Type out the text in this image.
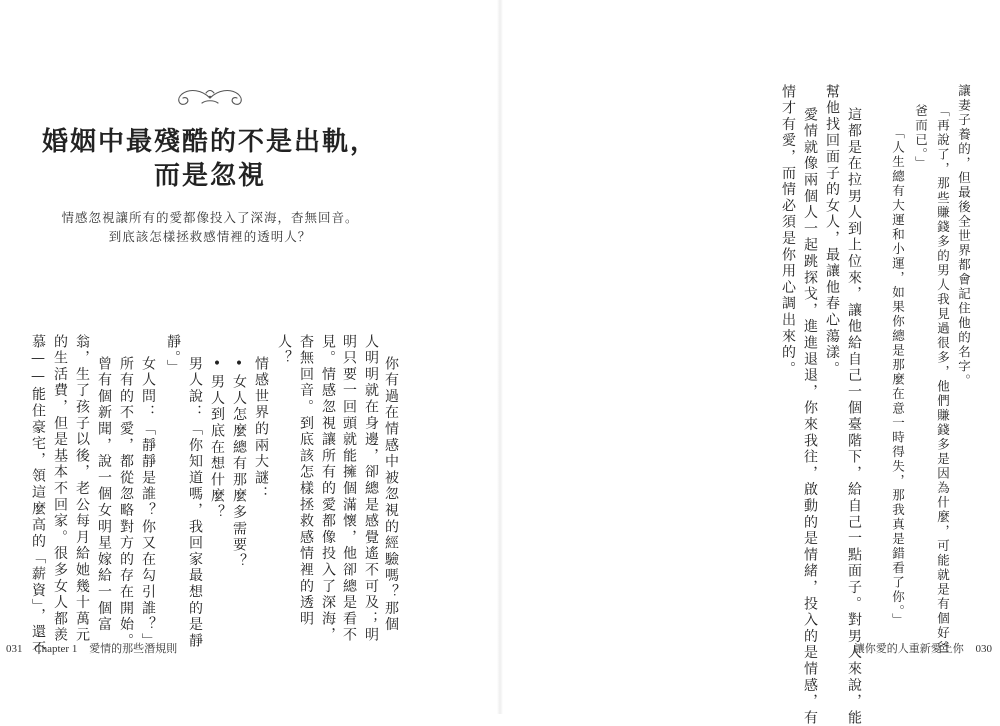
婚姻中最殘酷的不是出軌，
而是忽視
情感忽視讓所有的愛都像投入了深海，杳無回音。
到底該怎樣拯救感情裡的透明人？
你有過在情感中被忽視的經驗嗎？那個
人明明就在身邊，卻總是感覺遙不可及；明
明只要一回頭就能擁個滿懷，他卻總是看不
見。情感忽視讓所有的愛都像投入了深海，
杳無回音。到底該怎樣拯救感情裡的透明
人？
情感世界的兩大謎：
•女人怎麼總有那麼多需要？
•男人到底在想什麼？
男人說：「你知道嗎，我回家最想的是靜
靜。」
女人問：「靜靜是誰？你又在勾引誰？」
所有的不愛，都從忽略對方的存在開始。
曾有個新聞，說一個女明星嫁給一個富
翁，生了孩子以後，老公每月給她幾十萬元
的生活費，但是基本不回家。很多女人都羨
慕——能住豪宅，領這麼高的「薪資」，還不
031 Chapter 1 愛情的那些潛規則
讓妻子養的，但最後全世界都會記住他的名字。
「再說了，那些賺錢多的男人我見過很多，他們賺錢多是因為什麼，可能就是有個好爸
爸而已。」
「人生總有大運和小運，如果你總是那麼在意一時得失，那我真是錯看了你。」
這都是在拉男人到上位來，讓他給自己一個臺階下，給自己一點面子。對男人來說，能
幫他找回面子的女人，最讓他春心蕩漾。
愛情就像兩個人一起跳探戈，進進退退，你來我往，啟動的是情緒，投入的是情感，有
情才有愛，而情必須是你用心調出來的。
讓你愛的人重新愛上你 030
